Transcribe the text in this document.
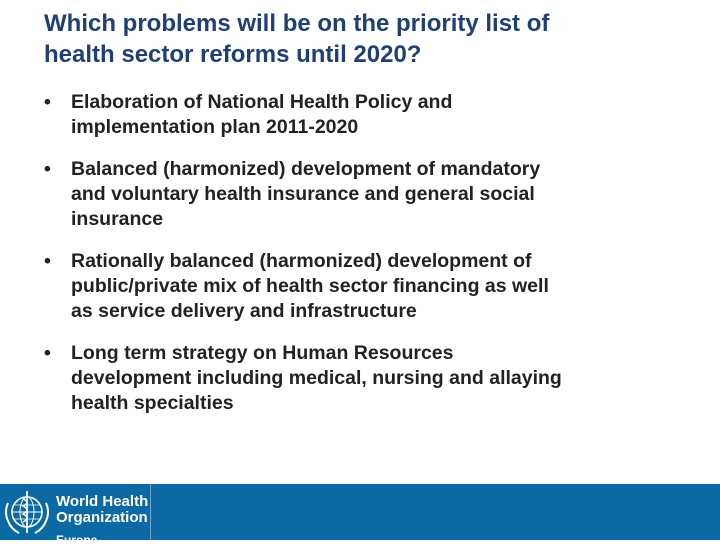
Which problems will be on the priority list of
health sector reforms until 2020?
• Elaboration of National Health Policy and
implementation plan 2011-2020
• Balanced (harmonized) development of mandatory
and voluntary health insurance and general social
insurance
• Rationally balanced (harmonized) development of
public/private mix of health sector financing as well
as service delivery and infrastructure
• Long term strategy on Human Resources
development including medical, nursing and allaying
health specialties
World Health
Organization
Europe
